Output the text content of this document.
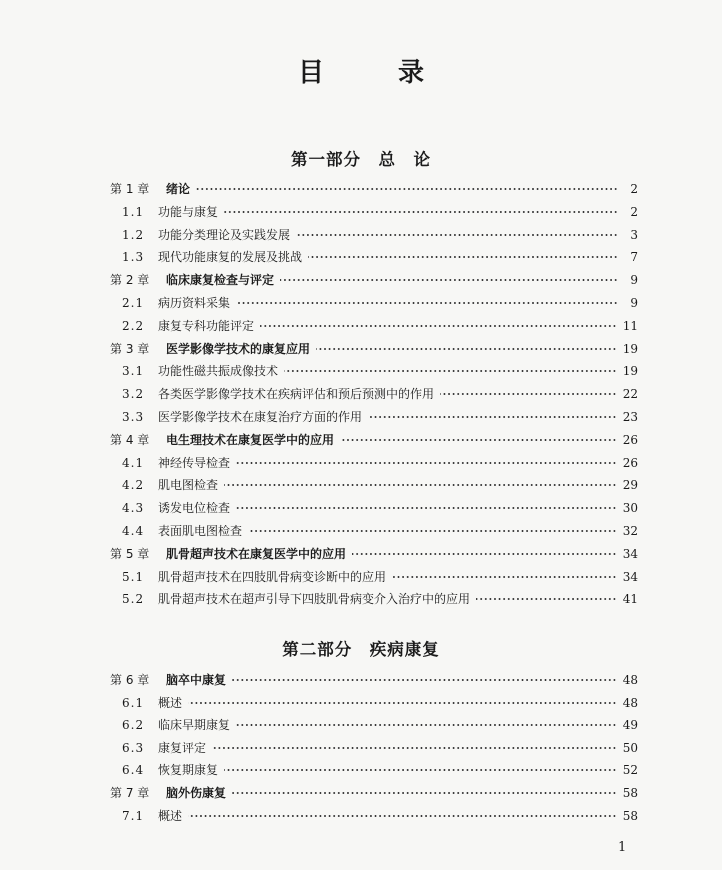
目　录
第一部分　总　论
第 1 章	绪论	2
1.1	功能与康复	2
1.2	功能分类理论及实践发展	3
1.3	现代功能康复的发展及挑战	7
第 2 章	临床康复检查与评定	9
2.1	病历资料采集	9
2.2	康复专科功能评定	11
第 3 章	医学影像学技术的康复应用	19
3.1	功能性磁共振成像技术	19
3.2	各类医学影像学技术在疾病评估和预后预测中的作用	22
3.3	医学影像学技术在康复治疗方面的作用	23
第 4 章	电生理技术在康复医学中的应用	26
4.1	神经传导检查	26
4.2	肌电图检查	29
4.3	诱发电位检查	30
4.4	表面肌电图检查	32
第 5 章	肌骨超声技术在康复医学中的应用	34
5.1	肌骨超声技术在四肢肌骨病变诊断中的应用	34
5.2	肌骨超声技术在超声引导下四肢肌骨病变介入治疗中的应用	41
第二部分　疾病康复
第 6 章	脑卒中康复	48
6.1	概述	48
6.2	临床早期康复	49
6.3	康复评定	50
6.4	恢复期康复	52
第 7 章	脑外伤康复	58
7.1	概述	58
1
